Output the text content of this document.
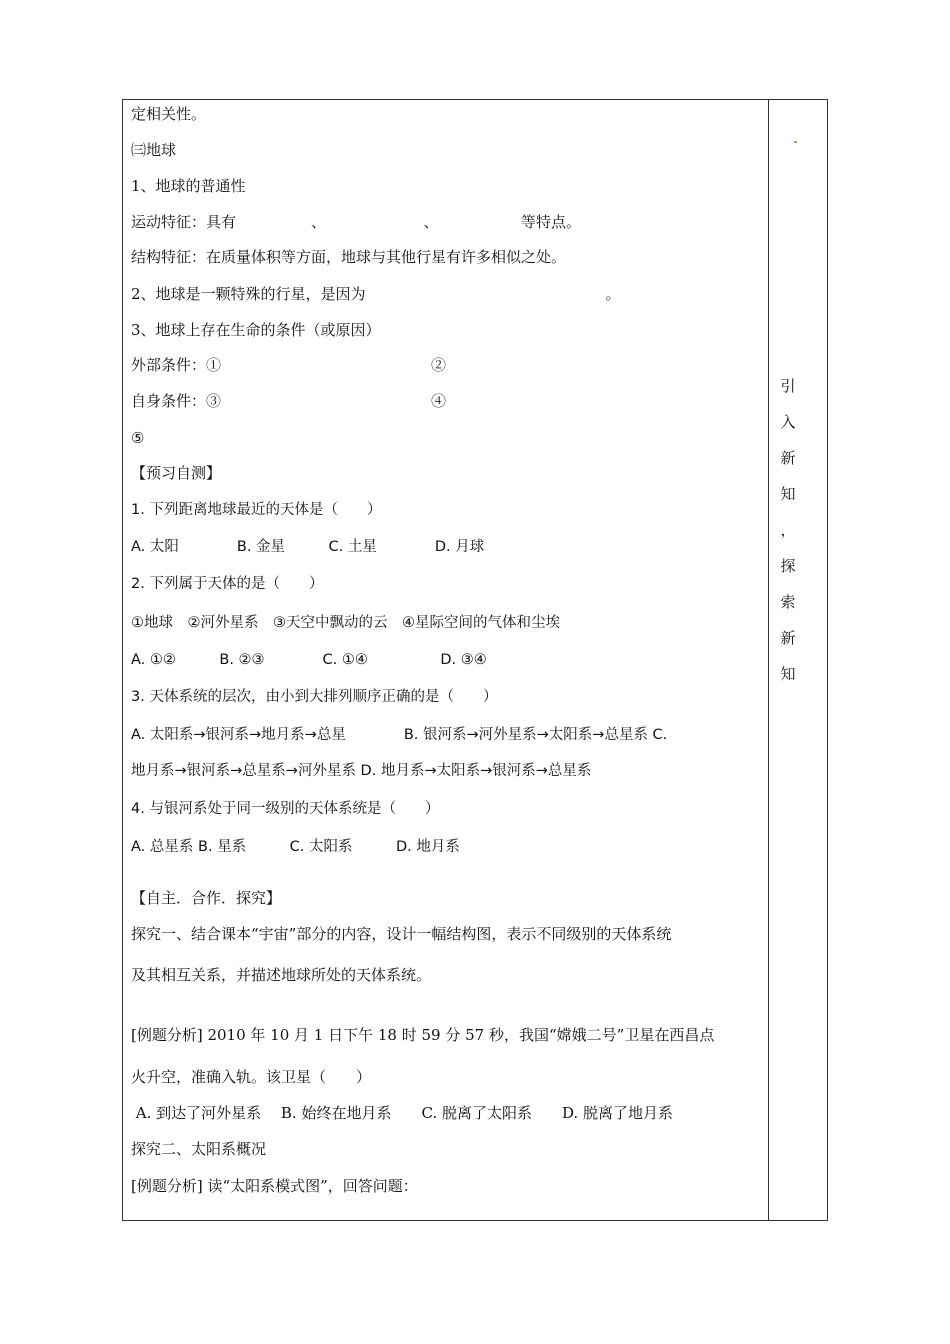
定相关性。
㈢地球
1、地球的普通性
运动特征：具有　　　　　、　　　　　　　、　　　　　　等特点。
结构特征：在质量体积等方面，地球与其他行星有许多相似之处。
2、地球是一颗特殊的行星，是因为　　　　　　　　　　　　　　　　。
3、地球上存在生命的条件（或原因）
外部条件：①　　　　　　　　　　　　　　②
自身条件：③　　　　　　　　　　　　　　④
⑤
【预习自测】
1. 下列距离地球最近的天体是（　　）
A. 太阳　　　　B. 金星　　　C. 土星　　　　D. 月球
2. 下列属于天体的是（　　）
①地球　②河外星系　③天空中飘动的云　④星际空间的气体和尘埃
A. ①②　　　B. ②③　　　　C. ①④　　　　　D. ③④
3. 天体系统的层次，由小到大排列顺序正确的是（　　）
A. 太阳系→银河系→地月系→总星　　　　B. 银河系→河外星系→太阳系→总星系 C.
地月系→银河系→总星系→河外星系 D. 地月系→太阳系→银河系→总星系
4. 与银河系处于同一级别的天体系统是（　　）
A. 总星系 B. 星系　　　C. 太阳系　　　D. 地月系
【自主．合作．探究】
探究一、结合课本“宇宙”部分的内容，设计一幅结构图，表示不同级别的天体系统
及其相互关系，并描述地球所处的天体系统。
[例题分析] 2010 年 10 月 1 日下午 18 时 59 分 57 秒，我国“嫦娥二号”卫星在西昌点
火升空，准确入轨。该卫星（　　）
A. 到达了河外星系　 B. 始终在地月系　　C. 脱离了太阳系　　D. 脱离了地月系
探究二、太阳系概况
[例题分析] 读“太阳系模式图”，回答问题：
引
入
新
知
，
探
索
新
知
